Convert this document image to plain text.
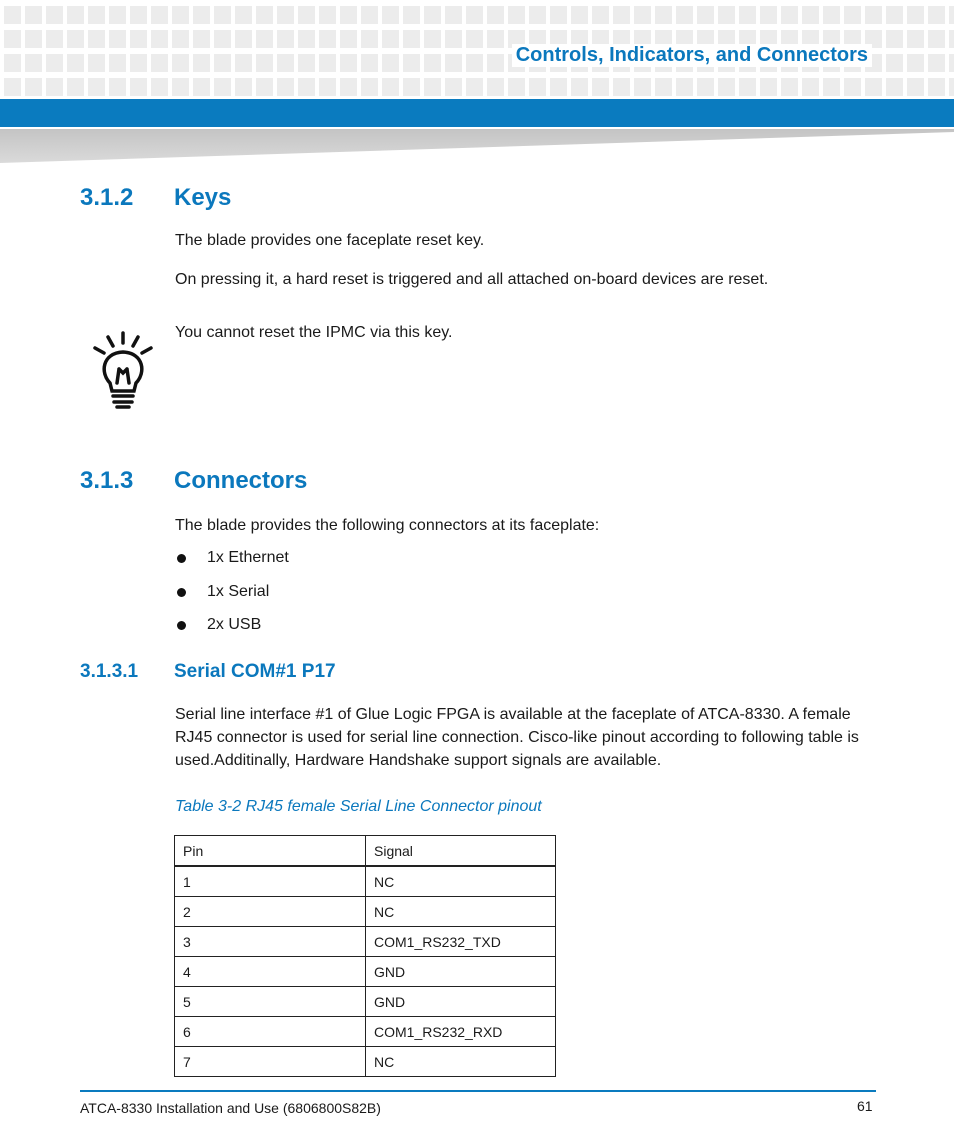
Controls, Indicators, and Connectors
3.1.2 Keys
The blade provides one faceplate reset key.
On pressing it, a hard reset is triggered and all attached on-board devices are reset.
You cannot reset the IPMC via this key.
3.1.3 Connectors
The blade provides the following connectors at its faceplate:
1x Ethernet
1x Serial
2x USB
3.1.3.1 Serial COM#1 P17
Serial line interface #1 of Glue Logic FPGA is available at the faceplate of ATCA-8330. A female RJ45 connector is used for serial line connection. Cisco-like pinout according to following table is used.Additinally, Hardware Handshake support signals are available.
Table 3-2 RJ45 female Serial Line Connector pinout
Pin	Signal
1	NC
2	NC
3	COM1_RS232_TXD
4	GND
5	GND
6	COM1_RS232_RXD
7	NC
ATCA-8330 Installation and Use (6806800S82B)	61
